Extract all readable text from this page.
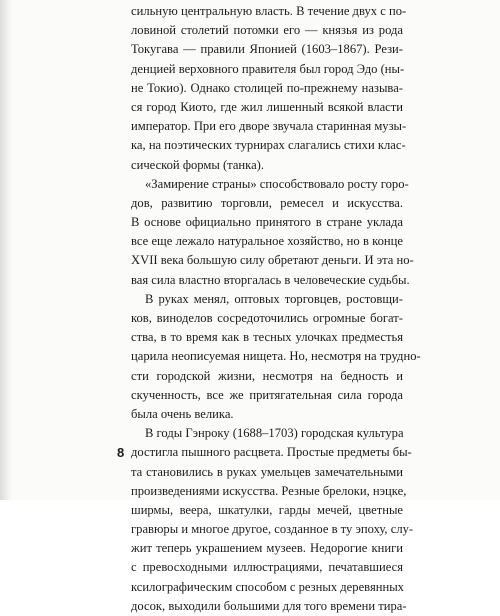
сильную центральную власть. В течение двух с по-
ловиной столетий потомки его — князья из рода
Токугава — правили Японией (1603–1867). Рези-
денцией верховного правителя был город Эдо (ны-
не Токио). Однако столицей по-прежнему называ-
ся город Киото, где жил лишенный всякой власти
император. При его дворе звучала старинная музы-
ка, на поэтических турнирах слагались стихи клас-
сической формы (танка).
«Замирение страны» способствовало росту горо-
дов, развитию торговли, ремесел и искусства.
В основе официально принятого в стране уклада
все еще лежало натуральное хозяйство, но в конце
XVII века большую силу обретают деньги. И эта но-
вая сила властно вторгалась в человеческие судьбы.
В руках менял, оптовых торговцев, ростовщи-
ков, виноделов сосредоточились огромные богат-
ства, в то время как в тесных улочках предместья
царила неописуемая нищета. Но, несмотря на трудно-
сти городской жизни, несмотря на бедность и
скученность, все же притягательная сила города
была очень велика.
В годы Гэнроку (1688–1703) городская культура
достигла пышного расцвета. Простые предметы бы-
та становились в руках умельцев замечательными
произведениями искусства. Резные брелоки, нэцке,
ширмы, веера, шкатулки, гарды мечей, цветные
гравюры и многое другое, созданное в ту эпоху, слу-
жит теперь украшением музеев. Недорогие книги
с превосходными иллюстрациями, печатавшиеся
ксилографическим способом с резных деревянных
досок, выходили большими для того времени тира-
8
